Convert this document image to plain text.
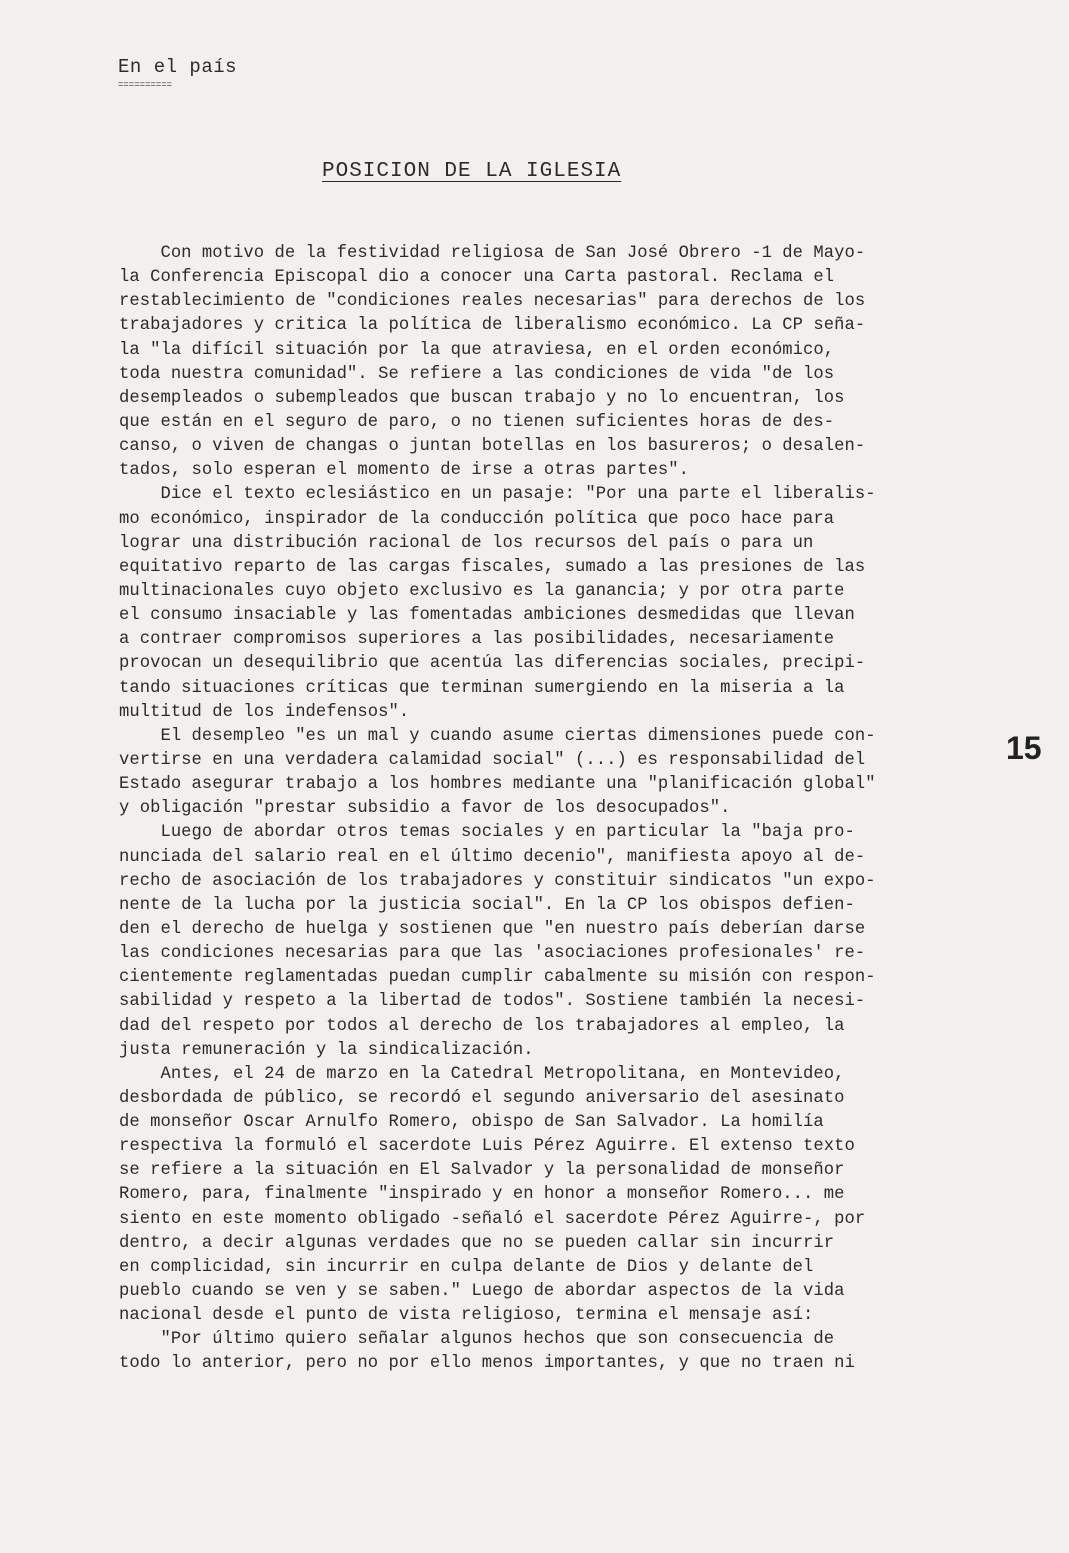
En el país
==========
POSICION DE LA IGLESIA
Con motivo de la festividad religiosa de San José Obrero -1 de Mayo-
la Conferencia Episcopal dio a conocer una Carta pastoral. Reclama el
restablecimiento de "condiciones reales necesarias" para derechos de los
trabajadores y critica la política de liberalismo económico. La CP seña-
la "la difícil situación por la que atraviesa, en el orden económico,
toda nuestra comunidad". Se refiere a las condiciones de vida "de los
desempleados o subempleados que buscan trabajo y no lo encuentran, los
que están en el seguro de paro, o no tienen suficientes horas de des-
canso, o viven de changas o juntan botellas en los basureros; o desalen-
tados, solo esperan el momento de irse a otras partes".
Dice el texto eclesiástico en un pasaje: "Por una parte el liberalis-
mo económico, inspirador de la conducción política que poco hace para
lograr una distribución racional de los recursos del país o para un
equitativo reparto de las cargas fiscales, sumado a las presiones de las
multinacionales cuyo objeto exclusivo es la ganancia; y por otra parte
el consumo insaciable y las fomentadas ambiciones desmedidas que llevan
a contraer compromisos superiores a las posibilidades, necesariamente
provocan un desequilibrio que acentúa las diferencias sociales, precipi-
tando situaciones críticas que terminan sumergiendo en la miseria a la
multitud de los indefensos".
El desempleo "es un mal y cuando asume ciertas dimensiones puede con-
vertirse en una verdadera calamidad social" (...) es responsabilidad del
Estado asegurar trabajo a los hombres mediante una "planificación global"
y obligación "prestar subsidio a favor de los desocupados".
Luego de abordar otros temas sociales y en particular la "baja pro-
nunciada del salario real en el último decenio", manifiesta apoyo al de-
recho de asociación de los trabajadores y constituir sindicatos "un expo-
nente de la lucha por la justicia social". En la CP los obispos defien-
den el derecho de huelga y sostienen que "en nuestro país deberían darse
las condiciones necesarias para que las 'asociaciones profesionales' re-
cientemente reglamentadas puedan cumplir cabalmente su misión con respon-
sabilidad y respeto a la libertad de todos". Sostiene también la necesi-
dad del respeto por todos al derecho de los trabajadores al empleo, la
justa remuneración y la sindicalización.
Antes, el 24 de marzo en la Catedral Metropolitana, en Montevideo,
desbordada de público, se recordó el segundo aniversario del asesinato
de monseñor Oscar Arnulfo Romero, obispo de San Salvador. La homilía
respectiva la formuló el sacerdote Luis Pérez Aguirre. El extenso texto
se refiere a la situación en El Salvador y la personalidad de monseñor
Romero, para, finalmente "inspirado y en honor a monseñor Romero... me
siento en este momento obligado -señaló el sacerdote Pérez Aguirre-, por
dentro, a decir algunas verdades que no se pueden callar sin incurrir
en complicidad, sin incurrir en culpa delante de Dios y delante del
pueblo cuando se ven y se saben." Luego de abordar aspectos de la vida
nacional desde el punto de vista religioso, termina el mensaje así:
"Por último quiero señalar algunos hechos que son consecuencia de
todo lo anterior, pero no por ello menos importantes, y que no traen ni
15
